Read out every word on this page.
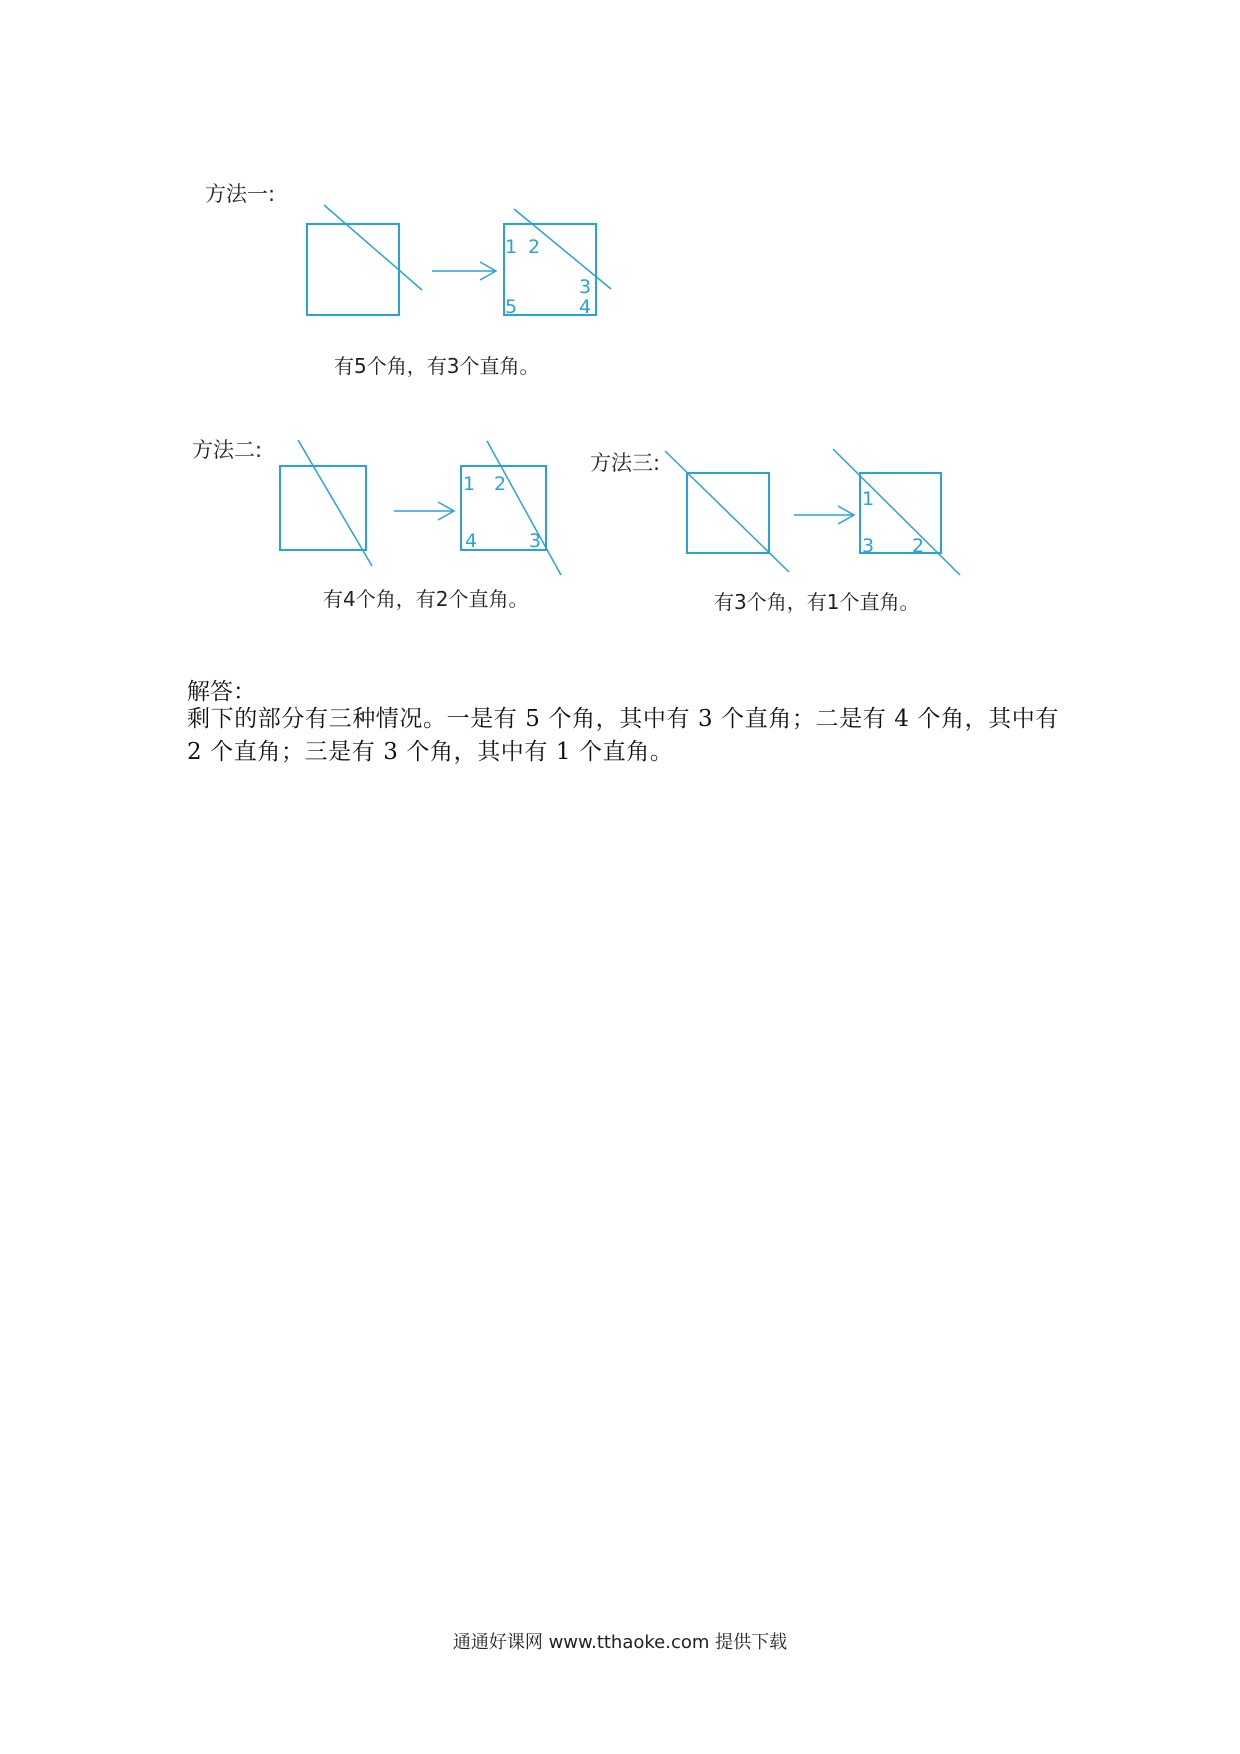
方法一:
方法二:
方法三:
1 2
3
4
5
1 2
3
4
1
2
3
有5个角，有3个直角。
有4个角，有2个直角。	有3个角，有1个直角。
解答：
剩下的部分有三种情况。一是有 5 个角，其中有 3 个直角；二是有 4 个角，其中有 2 个直角；三是有 3 个角，其中有 1 个直角。
通通好课网 www.tthaoke.com 提供下载
